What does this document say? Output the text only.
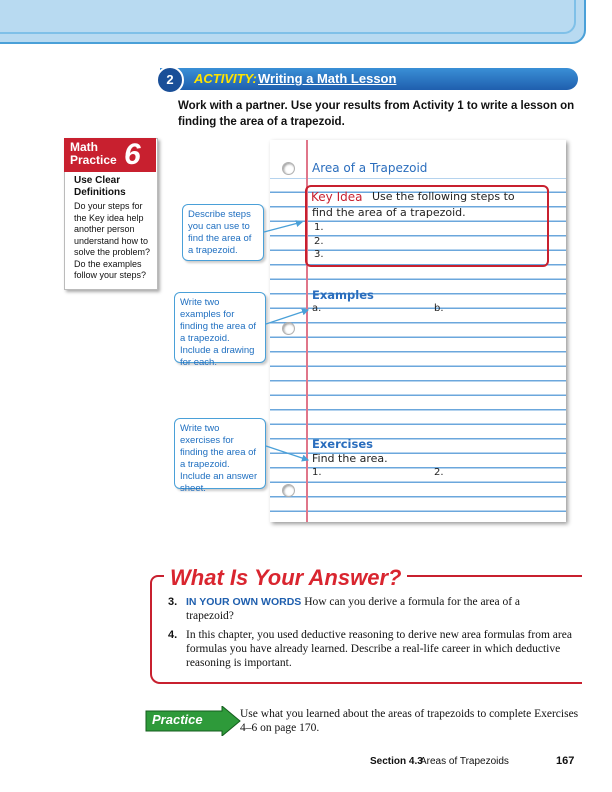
2	ACTIVITY: Writing a Math Lesson
Work with a partner. Use your results from Activity 1 to write a lesson on finding the area of a trapezoid.
Math Practice 6
Use Clear Definitions
Do your steps for the Key idea help another person understand how to solve the problem? Do the examples follow your steps?
Area of a Trapezoid
Key Idea Use the following steps to
find the area of a trapezoid.
1.
2.
3.
Examples
a.	b.
Exercises
Find the area.
1.	2.
Describe steps you can use to find the area of a trapezoid.
Write two examples for finding the area of a trapezoid. Include a drawing for each.
Write two exercises for finding the area of a trapezoid. Include an answer sheet.
What Is Your Answer?
3. IN YOUR OWN WORDS How can you derive a formula for the area of a trapezoid?
4. In this chapter, you used deductive reasoning to derive new area formulas from area formulas you have already learned. Describe a real-life career in which deductive reasoning is important.
Practice	Use what you learned about the areas of trapezoids to complete Exercises 4–6 on page 170.
Section 4.3
Areas of Trapezoids	167
